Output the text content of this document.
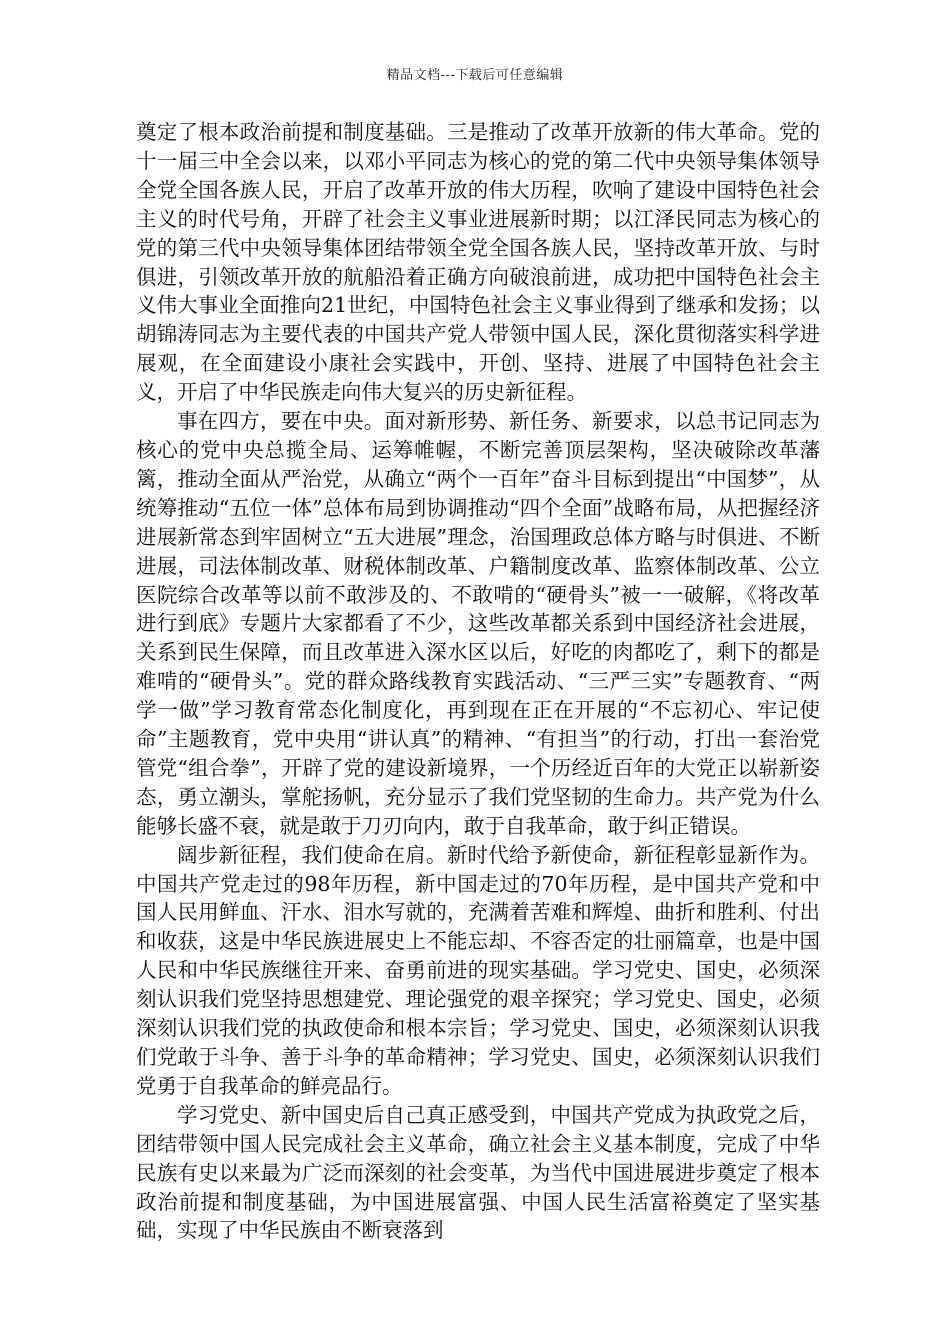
精品文档---下载后可任意编辑

奠定了根本政治前提和制度基础。三是推动了改革开放新的伟大革命。党的十一届三中全会以来，以邓小平同志为核心的党的第二代中央领导集体领导全党全国各族人民，开启了改革开放的伟大历程，吹响了建设中国特色社会主义的时代号角，开辟了社会主义事业进展新时期；以江泽民同志为核心的党的第三代中央领导集体团结带领全党全国各族人民，坚持改革开放、与时俱进，引领改革开放的航船沿着正确方向破浪前进，成功把中国特色社会主义伟大事业全面推向21世纪，中国特色社会主义事业得到了继承和发扬；以胡锦涛同志为主要代表的中国共产党人带领中国人民，深化贯彻落实科学进展观，在全面建设小康社会实践中，开创、坚持、进展了中国特色社会主义，开启了中华民族走向伟大复兴的历史新征程。

事在四方，要在中央。面对新形势、新任务、新要求，以总书记同志为核心的党中央总揽全局、运筹帷幄，不断完善顶层架构，坚决破除改革藩篱，推动全面从严治党，从确立“两个一百年”奋斗目标到提出“中国梦”，从统筹推动“五位一体”总体布局到协调推动“四个全面”战略布局，从把握经济进展新常态到牢固树立“五大进展”理念，治国理政总体方略与时俱进、不断进展，司法体制改革、财税体制改革、户籍制度改革、监察体制改革、公立医院综合改革等以前不敢涉及的、不敢啃的“硬骨头”被一一破解，《将改革进行到底》专题片大家都看了不少，这些改革都关系到中国经济社会进展，关系到民生保障，而且改革进入深水区以后，好吃的肉都吃了，剩下的都是难啃的“硬骨头”。党的群众路线教育实践活动、“三严三实”专题教育、“两学一做”学习教育常态化制度化，再到现在正在开展的“不忘初心、牢记使命”主题教育，党中央用“讲认真”的精神、“有担当”的行动，打出一套治党管党“组合拳”，开辟了党的建设新境界，一个历经近百年的大党正以崭新姿态，勇立潮头，掌舵扬帆，充分显示了我们党坚韧的生命力。共产党为什么能够长盛不衰，就是敢于刀刃向内，敢于自我革命，敢于纠正错误。

阔步新征程，我们使命在肩。新时代给予新使命，新征程彰显新作为。中国共产党走过的98年历程，新中国走过的70年历程，是中国共产党和中国人民用鲜血、汗水、泪水写就的，充满着苦难和辉煌、曲折和胜利、付出和收获，这是中华民族进展史上不能忘却、不容否定的壮丽篇章，也是中国人民和中华民族继往开来、奋勇前进的现实基础。学习党史、国史，必须深刻认识我们党坚持思想建党、理论强党的艰辛探究；学习党史、国史，必须深刻认识我们党的执政使命和根本宗旨；学习党史、国史，必须深刻认识我们党敢于斗争、善于斗争的革命精神；学习党史、国史，必须深刻认识我们党勇于自我革命的鲜亮品行。

学习党史、新中国史后自己真正感受到，中国共产党成为执政党之后，团结带领中国人民完成社会主义革命，确立社会主义基本制度，完成了中华民族有史以来最为广泛而深刻的社会变革，为当代中国进展进步奠定了根本政治前提和制度基础，为中国进展富强、中国人民生活富裕奠定了坚实基础，实现了中华民族由不断衰落到
